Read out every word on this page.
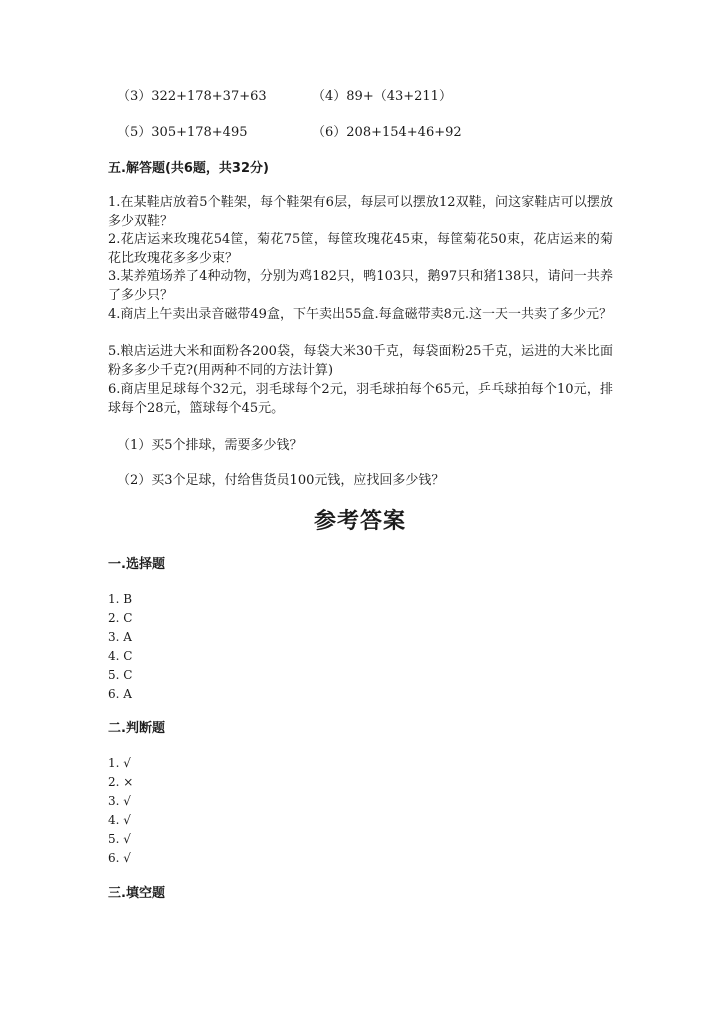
（3）322+178+37+63	（4）89+（43+211）
（5）305+178+495	（6）208+154+46+92
五.解答题(共6题，共32分)
1.在某鞋店放着5个鞋架，每个鞋架有6层，每层可以摆放12双鞋，问这家鞋店可以摆放多少双鞋？
2.花店运来玫瑰花54筐，菊花75筐，每筐玫瑰花45束，每筐菊花50束，花店运来的菊花比玫瑰花多多少束？
3.某养殖场养了4种动物，分别为鸡182只，鸭103只，鹅97只和猪138只，请问一共养了多少只？
4.商店上午卖出录音磁带49盒，下午卖出55盒.每盒磁带卖8元.这一天一共卖了多少元？
5.粮店运进大米和面粉各200袋，每袋大米30千克，每袋面粉25千克，运进的大米比面粉多多少千克?(用两种不同的方法计算)
6.商店里足球每个32元，羽毛球每个2元，羽毛球拍每个65元，乒乓球拍每个10元，排球每个28元，篮球每个45元。
（1）买5个排球，需要多少钱？
（2）买3个足球，付给售货员100元钱，应找回多少钱？
参考答案
一.选择题
1. B
2. C
3. A
4. C
5. C
6. A
二.判断题
1. √
2. ×
3. √
4. √
5. √
6. √
三.填空题
